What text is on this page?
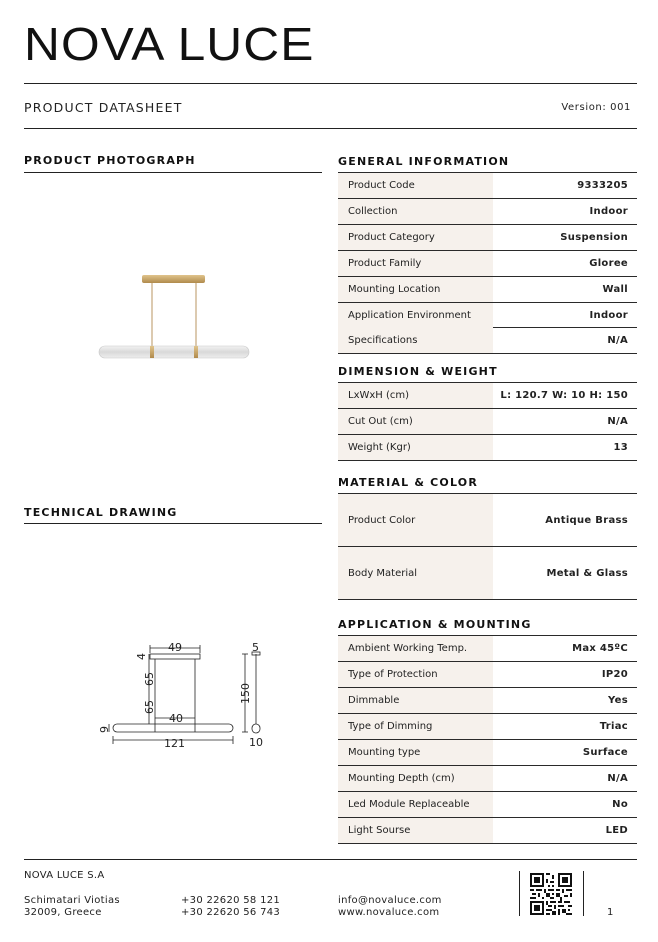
NOVA LUCE
PRODUCT DATASHEET	Version: 001
PRODUCT PHOTOGRAPH
TECHNICAL DRAWING
49
4
65
65
40
9
121
5
150
10
GENERAL INFORMATION
Product Code	9333205
Collection	Indoor
Product Category	Suspension
Product Family	Gloree
Mounting Location	Wall
Application Environment	Indoor
Specifications	N/A
DIMENSION & WEIGHT
LxWxH (cm)	L: 120.7 W: 10 H: 150
Cut Out (cm)	N/A
Weight (Kgr)	13
MATERIAL & COLOR
Product Color	Antique Brass
Body Material	Metal & Glass
APPLICATION & MOUNTING
Ambient Working Temp.	Max 45ºC
Type of Protection	IP20
Dimmable	Yes
Type of Dimming	Triac
Mounting type	Surface
Mounting Depth (cm)	N/A
Led Module Replaceable	No
Light Sourse	LED
NOVA LUCE S.A
Schimatari Viotias
32009, Greece
+30 22620 58 121
+30 22620 56 743
info@novaluce.com
www.novaluce.com	1
